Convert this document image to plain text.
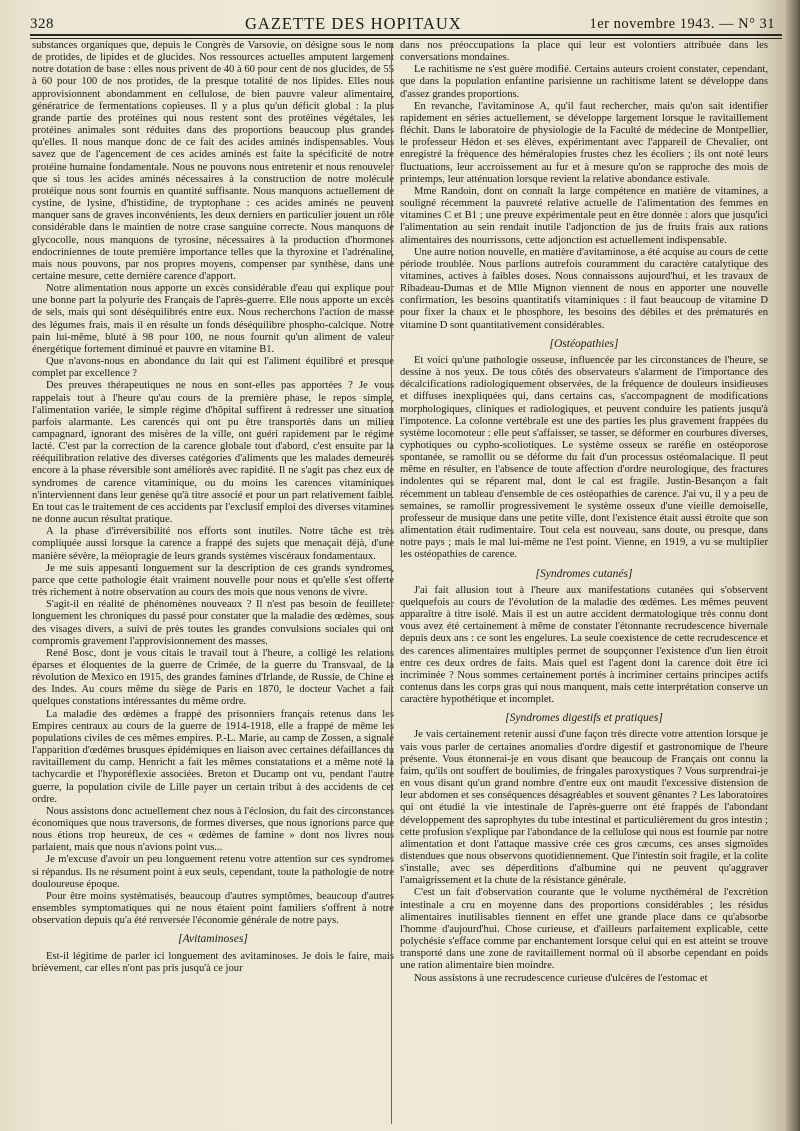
328	GAZETTE DES HOPITAUX	1er novembre 1943. — N° 31

substances organiques que, depuis le Congrès de Varsovie, on désigne sous le nom de protides, de lipides et de glucides. Nos ressources actuelles amputent largement notre dotation de base : elles nous privent de 40 à 60 pour cent de nos glucides, de 55 à 60 pour 100 de nos protides, de la presque totalité de nos lipides. Elles nous approvisionnent abondamment en cellulose, de bien pauvre valeur alimentaire, génératrice de fermentations copieuses. Il y a plus qu'un déficit global : la plus grande partie des protéines qui nous restent sont des protéines végétales, les protéines animales sont réduites dans des proportions beaucoup plus grandes qu'elles. Il nous manque donc de ce fait des acides aminés indispensables. Vous savez que de l'agencement de ces acides aminés est faite la spécificité de notre protéine humaine fondamentale. Nous ne pouvons nous entretenir et nous renouveler que si tous les acides aminés nécessaires à la construction de notre molécule protéique nous sont fournis en quantité suffisante. Nous manquons actuellement de cystine, de lysine, d'histidine, de tryptophane : ces acides aminés ne peuvent manquer sans de graves inconvénients, les deux derniers en particulier jouent un rôle considérable dans le maintien de notre crase sanguine correcte. Nous manquons de glycocolle, nous manquons de tyrosine, nécessaires à la production d'hormones endocriniennes de toute première importance telles que la thyroxine et l'adrénaline, mais nous pouvons, par nos propres moyens, compenser par synthèse, dans une certaine mesure, cette dernière carence d'apport.

Notre alimentation nous apporte un excès considérable d'eau qui explique pour une bonne part la polyurie des Français de l'après-guerre. Elle nous apporte un excès de sels, mais qui sont déséquilibrés entre eux. Nous recherchons l'action de masse des légumes frais, mais il en résulte un fonds déséquilibre phospho-calcique. Notre pain lui-même, bluté à 98 pour 100, ne nous fournit qu'un aliment de valeur énergétique fortement diminué et pauvre en vitamine B1.

Que n'avons-nous en abondance du lait qui est l'aliment équilibré et presque complet par excellence ?

Des preuves thérapeutiques ne nous en sont-elles pas apportées ? Je vous rappelais tout à l'heure qu'au cours de la première phase, le repos simple, l'alimentation variée, le simple régime d'hôpital suffirent à redresser une situation parfois alarmante. Les carencés qui ont pu être transportés dans un milieu campagnard, ignorant des misères de la ville, ont guéri rapidement par le régime lacté. C'est par la correction de la carence globale tout d'abord, c'est ensuite par la rééquilibration relative des diverses catégories d'aliments que les malades demeurés encore à la phase réversible sont améliorés avec rapidité. Il ne s'agit pas chez eux de syndromes de carence vitaminique, ou du moins les carences vitaminiques n'interviennent dans leur genèse qu'à titre associé et pour un part relativement faible. En tout cas le traitement de ces accidents par l'exclusif emploi des diverses vitamines ne donne aucun résultat pratique.

A la phase d'irréversibilité nos efforts sont inutiles. Notre tâche est très compliquée aussi lorsque la carence a frappé des sujets que menaçait déjà, d'une manière sévère, la méiopragie de leurs grands systèmes viscéraux fondamentaux.

Je me suis appesanti longuement sur la description de ces grands syndromes, parce que cette pathologie était vraiment nouvelle pour nous et qu'elle s'est offerte très richement à notre observation au cours des mois que nous venons de vivre.

S'agit-il en réalité de phénomènes nouveaux ? Il n'est pas besoin de feuilleter longuement les chroniques du passé pour constater que la maladie des œdèmes, sous des visages divers, a suivi de près toutes les grandes convulsions sociales qui ont compromis gravement l'approvisionnement des masses.

René Bosc, dont je vous citais le travail tout à l'heure, a colligé les relations éparses et éloquentes de la guerre de Crimée, de la guerre du Transvaal, de la révolution de Mexico en 1915, des grandes famines d'Irlande, de Russie, de Chine et des Indes. Au cours même du siège de Paris en 1870, le docteur Vachet a fait quelques constations intéressantes du même ordre.

La maladie des œdèmes a frappé des prisonniers français retenus dans les Empires centraux au cours de la guerre de 1914-1918, elle a frappé de même les populations civiles de ces mêmes empires. P.-L. Marie, au camp de Zossen, a signalé l'apparition d'œdèmes brusques épidémiques en liaison avec certaines défaillances du ravitaillement du camp. Henricht a fait les mêmes constatations et a même noté la tachycardie et l'hyporéflexie associées. Breton et Ducamp ont vu, pendant l'autre guerre, la population civile de Lille payer un certain tribut à des accidents de cet ordre.

Nous assistons donc actuellement chez nous à l'éclosion, du fait des circonstances économiques que nous traversons, de formes diverses, que nous ignorions parce que nous étions trop heureux, de ces « œdèmes de famine » dont nos livres nous parlaient, mais que nous n'avions point vus...

Je m'excuse d'avoir un peu longuement retenu votre attention sur ces syndromes si répandus. Ils ne résument point à eux seuls, cependant, toute la pathologie de notre douloureuse époque.

Pour être moins systématisés, beaucoup d'autres symptômes, beaucoup d'autres ensembles symptomatiques qui ne nous étaient point familiers s'offrent à notre observation depuis qu'a été renversée l'économie générale de notre pays.

[Avitaminoses]

Est-il légitime de parler ici longuement des avitaminoses. Je dois le faire, mais brièvement, car elles n'ont pas pris jusqu'à ce jour

dans nos préoccupations la place qui leur est volontiers attribuée dans les conversations mondaines.

Le rachitisme ne s'est guère modifié. Certains auteurs croient constater, cependant, que dans la population enfantine parisienne un rachitisme latent se développe dans d'assez grandes proportions.

En revanche, l'avitaminose A, qu'il faut rechercher, mais qu'on sait identifier rapidement en séries actuellement, se développe largement lorsque le ravitaillement fléchit. Dans le laboratoire de physiologie de la Faculté de médecine de Montpellier, le professeur Hédon et ses élèves, expérimentant avec l'appareil de Chevalier, ont enregistré la fréquence des héméralopies frustes chez les écoliers ; ils ont noté leurs fluctuations, leur accroissement au fur et à mesure qu'on se rapproche des mois de printemps, leur atténuation lorsque revient la relative abondance estivale.

Mme Randoin, dont on connaît la large compétence en matière de vitamines, a souligné récemment la pauvreté relative actuelle de l'alimentation des femmes en vitamines C et B1 ; une preuve expérimentale peut en être donnée : alors que jusqu'ici l'alimentation au sein rendait inutile l'adjonction de jus de fruits frais aux rations alimentaires des nourrissons, cette adjonction est actuellement indispensable.

Une autre notion nouvelle, en matière d'avitaminose, a été acquise au cours de cette période troublée. Nous parlions autrefois couramment du caractère catalytique des vitamines, actives à faibles doses. Nous connaissons aujourd'hui, et les travaux de Ribadeau-Dumas et de Mlle Mignon viennent de nous en apporter une nouvelle confirmation, les besoins quantitatifs vitaminiques : il faut beaucoup de vitamine D pour fixer la chaux et le phosphore, les besoins des débiles et des prématurés en vitamine D sont quantitativement considérables.

[Ostéopathies]

Et voici qu'une pathologie osseuse, influencée par les circonstances de l'heure, se dessine à nos yeux. De tous côtés des observateurs s'alarment de l'importance des décalcifications radiologiquement observées, de la fréquence de douleurs insidieuses et diffuses inexpliquées qui, dans certains cas, s'accompagnent de modifications morphologiques, cliniques et radiologiques, et peuvent conduire les patients jusqu'à l'impotence. La colonne vertébrale est une des parties les plus gravement frappées du système locomoteur : elle peut s'affaisser, se tasser, se déformer en courbures diverses, cyphotiques ou cypho-scoliotiques. Le système osseux se raréfie en ostéoporose spontanée, se ramollit ou se déforme du fait d'un processus ostéomalacique. Il peut même en résulter, en l'absence de toute affection d'ordre neurologique, des fractures indolentes qui se réparent mal, dont le cal est fragile. Justin-Besançon a fait récemment un tableau d'ensemble de ces ostéopathies de carence. J'ai vu, il y a peu de semaines, se ramollir progressivement le système osseux d'une vieille demoiselle, professeur de musique dans une petite ville, dont l'existence était aussi étroite que son alimentation était rudimentaire. Tout cela est nouveau, sans doute, ou presque, dans notre pays ; mais le mal lui-même ne l'est point. Vienne, en 1919, a vu se multiplier les ostéopathies de carence.

[Syndromes cutanés]

J'ai fait allusion tout à l'heure aux manifestations cutanées qui s'observent quelquefois au cours de l'évolution de la maladie des œdèmes. Les mêmes peuvent apparaître à titre isolé. Mais il est un autre accident dermatologique très connu dont vous avez été certainement à même de constater l'étonnante recrudescence hivernale depuis deux ans : ce sont les engelures. La seule coexistence de cette recrudescence et des carences alimentaires multiples permet de soupçonner l'existence d'un lien étroit entre ces deux ordres de faits. Mais quel est l'agent dont la carence doit être ici incriminée ? Nous sommes certainement portés à incriminer certains principes actifs contenus dans les corps gras qui nous manquent, mais cette interprétation conserve un caractère hypothétique et incomplet.

[Syndromes digestifs et pratiques]

Je vais certainement retenir aussi d'une façon très directe votre attention lorsque je vais vous parler de certaines anomalies d'ordre digestif et gastronomique de l'heure présente. Vous étonnerai-je en vous disant que beaucoup de Français ont connu la faim, qu'ils ont souffert de boulimies, de fringales paroxystiques ? Vous surprendrai-je en vous disant qu'un grand nombre d'entre eux ont maudit l'excessive distension de leur abdomen et ses conséquences désagréables et souvent gênantes ? Les laboratoires qui ont étudié la vie intestinale de l'après-guerre ont été frappés de l'abondant développement des saprophytes du tube intestinal et particulièrement du gros intestin ; cette profusion s'explique par l'abondance de la cellulose qui nous est fournie par notre alimentation et dont l'attaque massive crée ces gros cæcums, ces anses sigmoïdes distendues que nous observons quotidiennement. Que l'intestin soit fragile, et la colite s'installe, avec ses déperditions d'albumine qui ne peuvent qu'aggraver l'amaigrissement et la chute de la résistance générale.

C'est un fait d'observation courante que le volume nycthéméral de l'excrétion intestinale a cru en moyenne dans des proportions considérables ; les résidus alimentaires inutilisables tiennent en effet une grande place dans ce qu'absorbe l'homme d'aujourd'hui. Chose curieuse, et d'ailleurs parfaitement explicable, cette polychésie s'efface comme par enchantement lorsque celui qui en est atteint se trouve transporté dans une zone de ravitaillement normal où il absorbe cependant en poids une ration alimentaire bien moindre.

Nous assistons à une recrudescence curieuse d'ulcères de l'estomac et
